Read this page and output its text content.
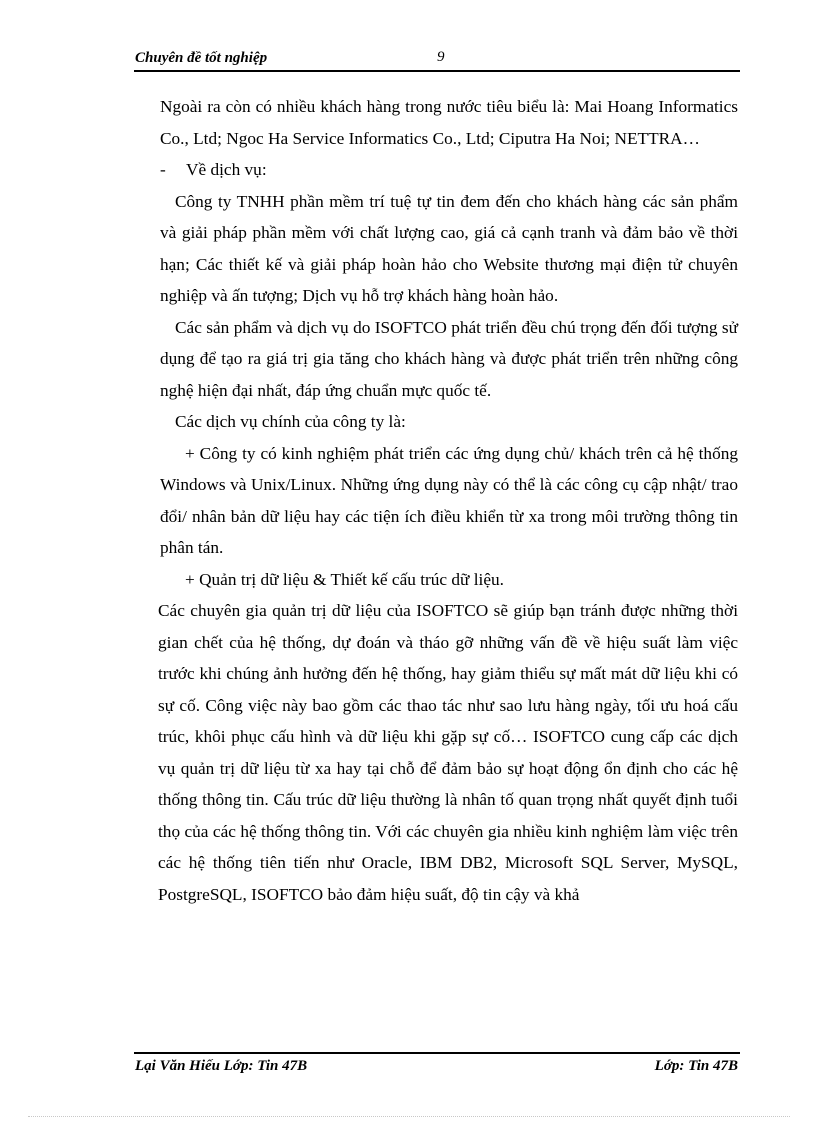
Chuyên đề tốt nghiệp	9

Ngoài ra còn có nhiều khách hàng trong nước tiêu biểu là: Mai Hoang Informatics Co., Ltd; Ngoc Ha Service Informatics Co., Ltd; Ciputra Ha Noi; NETTRA…

- Về dịch vụ:

Công ty TNHH phần mềm trí tuệ tự tin đem đến cho khách hàng các sản phẩm và giải pháp phần mềm với chất lượng cao, giá cả cạnh tranh và đảm bảo về thời hạn; Các thiết kế và giải pháp hoàn hảo cho Website thương mại điện tử chuyên nghiệp và ấn tượng; Dịch vụ hỗ trợ khách hàng hoàn hảo.

Các sản phẩm và dịch vụ do ISOFTCO phát triển đều chú trọng đến đối tượng sử dụng để tạo ra giá trị gia tăng cho khách hàng và được phát triển trên những công nghệ hiện đại nhất, đáp ứng chuẩn mực quốc tế.

Các dịch vụ chính của công ty là:

+ Công ty có kinh nghiệm phát triển các ứng dụng chủ/ khách trên cả hệ thống Windows và Unix/Linux. Những ứng dụng này có thể là các công cụ cập nhật/ trao đổi/ nhân bản dữ liệu hay các tiện ích điều khiển từ xa trong môi trường thông tin phân tán.

+ Quản trị dữ liệu & Thiết kế cấu trúc dữ liệu.

Các chuyên gia quản trị dữ liệu của ISOFTCO sẽ giúp bạn tránh được những thời gian chết của hệ thống, dự đoán và tháo gỡ những vấn đề về hiệu suất làm việc trước khi chúng ảnh hưởng đến hệ thống, hay giảm thiểu sự mất mát dữ liệu khi có sự cố. Công việc này bao gồm các thao tác như sao lưu hàng ngày, tối ưu hoá cấu trúc, khôi phục cấu hình và dữ liệu khi gặp sự cố… ISOFTCO cung cấp các dịch vụ quản trị dữ liệu từ xa hay tại chỗ để đảm bảo sự hoạt động ổn định cho các hệ thống thông tin. Cấu trúc dữ liệu thường là nhân tố quan trọng nhất quyết định tuổi thọ của các hệ thống thông tin. Với các chuyên gia nhiều kinh nghiệm làm việc trên các hệ thống tiên tiến như Oracle, IBM DB2, Microsoft SQL Server, MySQL, PostgreSQL, ISOFTCO bảo đảm hiệu suất, độ tin cậy và khả

Lại Văn Hiếu Lớp: Tin 47B	Lớp: Tin 47B
